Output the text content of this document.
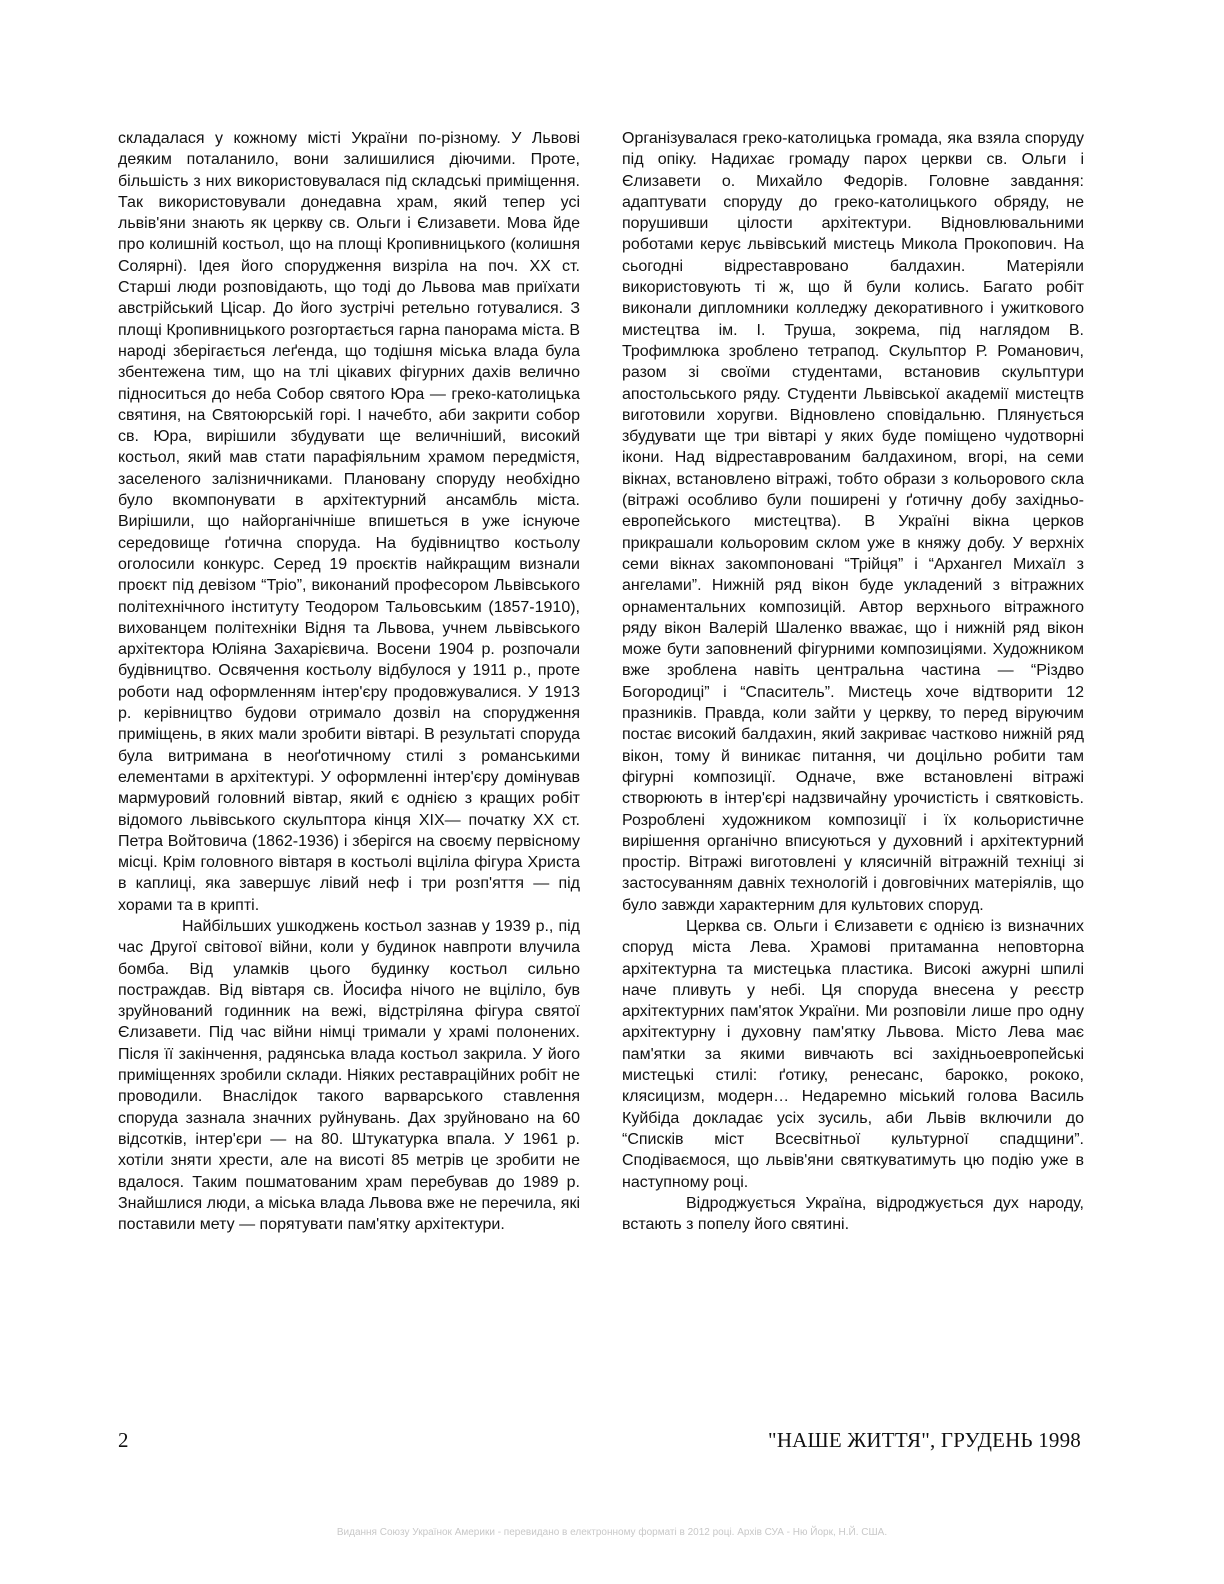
складалася у кожному місті України по-різному. У Львові деяким поталанило, вони залишилися діючими. Проте, більшість з них використовувалася під складські приміщення. Так використовували донедавна храм, який тепер усі львів'яни знають як церкву св. Ольги і Єлизавети. Мова йде про колишній костьол, що на площі Кропивницького (колишня Солярні). Ідея його спорудження визріла на поч. XX ст. Старші люди розповідають, що тоді до Львова мав приїхати австрійський Цісар. До його зустрічі ретельно готувалися. З площі Кропивницького розгортається гарна панорама міста. В народі зберігається леґенда, що тодішня міська влада була збентежена тим, що на тлі цікавих фігурних дахів велично підноситься до неба Собор святого Юра — греко-католицька святиня, на Святоюрській горі. І начебто, аби закрити собор св. Юра, вирішили збудувати ще величніший, високий костьол, який мав стати парафіяльним храмом передмістя, заселеного залізничниками. Плановану споруду необхідно було вкомпонувати в архітектурний ансамбль міста. Вирішили, що найорганічніше впишеться в уже існуюче середовище ґотична споруда. На будівництво костьолу оголосили конкурс. Серед 19 проєктів найкращим визнали проєкт під девізом “Тріо”, виконаний професором Львівського політехнічного інституту Теодором Тальовським (1857-1910), вихованцем політехніки Відня та Львова, учнем львівського архітектора Юліяна Захарієвича. Восени 1904 р. розпочали будівництво. Освячення костьолу відбулося у 1911 р., проте роботи над оформленням інтер'єру продовжувалися. У 1913 р. керівництво будови отримало дозвіл на спорудження приміщень, в яких мали зробити вівтарі. В результаті споруда була витримана в неоґотичному стилі з романськими елементами в архітектурі. У оформленні інтер'єру домінував мармуровий головний вівтар, який є однією з кращих робіт відомого львівського скульптора кінця XIX— початку XX ст. Петра Войтовича (1862-1936) і зберігся на своєму первісному місці. Крім головного вівтаря в костьолі вціліла фігура Христа в каплиці, яка завершує лівий неф і три розп'яття — під хорами та в крипті.

Найбільших ушкоджень костьол зазнав у 1939 р., під час Другої світової війни, коли у будинок навпроти влучила бомба. Від уламків цього будинку костьол сильно постраждав. Від вівтаря св. Йосифа нічого не вціліло, був зруйнований годинник на вежі, відстріляна фігура святої Єлизавети. Під час війни німці тримали у храмі полонених. Після її закінчення, радянська влада костьол закрила. У його приміщеннях зробили склади. Ніяких реставраційних робіт не проводили. Внаслідок такого варварського ставлення споруда зазнала значних руйнувань. Дах зруйновано на 60 відсотків, інтер'єри — на 80. Штукатурка впала. У 1961 р. хотіли зняти хрести, але на висоті 85 метрів це зробити не вдалося. Таким пошматованим храм перебував до 1989 р. Знайшлися люди, а міська влада Львова вже не перечила, які поставили мету — порятувати пам'ятку архітектури.

Організувалася греко-католицька громада, яка взяла споруду під опіку. Надихає громаду парох церкви св. Ольги і Єлизавети о. Михайло Федорів. Головне завдання: адаптувати споруду до греко-католицького обряду, не порушивши цілости архітектури. Відновлювальними роботами керує львівський мистець Микола Прокопович. На сьогодні відреставровано балдахин. Матеріяли використовують ті ж, що й були колись. Багато робіт виконали дипломники колледжу декоративного і ужиткового мистецтва ім. І. Труша, зокрема, під наглядом В. Трофимлюка зроблено тетрапод. Скульптор Р. Романович, разом зі своїми студентами, встановив скульптури апостольського ряду. Студенти Львівської академії мистецтв виготовили хоругви. Відновлено сповідальню. Плянується збудувати ще три вівтарі у яких буде поміщено чудотворні ікони. Над відреставрованим балдахином, вгорі, на семи вікнах, встановлено вітражі, тобто образи з кольорового скла (вітражі особливо були поширені у ґотичну добу західньо-европейського мистецтва). В Україні вікна церков прикрашали кольоровим склом уже в княжу добу. У верхніх семи вікнах закомпоновані “Трійця” і “Архангел Михаїл з ангелами”. Нижній ряд вікон буде укладений з вітражних орнаментальних композицій. Автор верхнього вітражного ряду вікон Валерій Шаленко вважає, що і нижній ряд вікон може бути заповнений фігурними композиціями. Художником вже зроблена навіть центральна частина — “Різдво Богородиці” і “Спаситель”. Мистець хоче відтворити 12 празників. Правда, коли зайти у церкву, то перед віруючим постає високий балдахин, який закриває частково нижній ряд вікон, тому й виникає питання, чи доцільно робити там фігурні композиції. Одначе, вже встановлені вітражі створюють в інтер'єрі надзвичайну урочистість і святковість. Розроблені художником композиції і їх кольористичне вирішення органічно вписуються у духовний і архітектурний простір. Вітражі виготовлені у клясичній вітражній техніці зі застосуванням давніх технологій і довговічних матеріялів, що було завжди характерним для культових споруд.

Церква св. Ольги і Єлизавети є однією із визначних споруд міста Лева. Храмові притаманна неповторна архітектурна та мистецька пластика. Високі ажурні шпилі наче пливуть у небі. Ця споруда внесена у реєстр архітектурних пам'яток України. Ми розповіли лише про одну архітектурну і духовну пам'ятку Львова. Місто Лева має пам'ятки за якими вивчають всі західньоевропейські мистецькі стилі: ґотику, ренесанс, барокко, рококо, клясицизм, модерн… Недаремно міський голова Василь Куйбіда докладає усіх зусиль, аби Львів включили до “Списків міст Всесвітньої культурної спадщини”. Сподіваємося, що львів'яни святкуватимуть цю подію уже в наступному році.

Відроджується Україна, відроджується дух народу, встають з попелу його святині.

2	"НАШЕ ЖИТТЯ", ГРУДЕНЬ 1998
Видання Союзу Українок Америки - перевидано в електронному форматі в 2012 році. Архів СУА - Ню Йорк, Н.Й. США.
